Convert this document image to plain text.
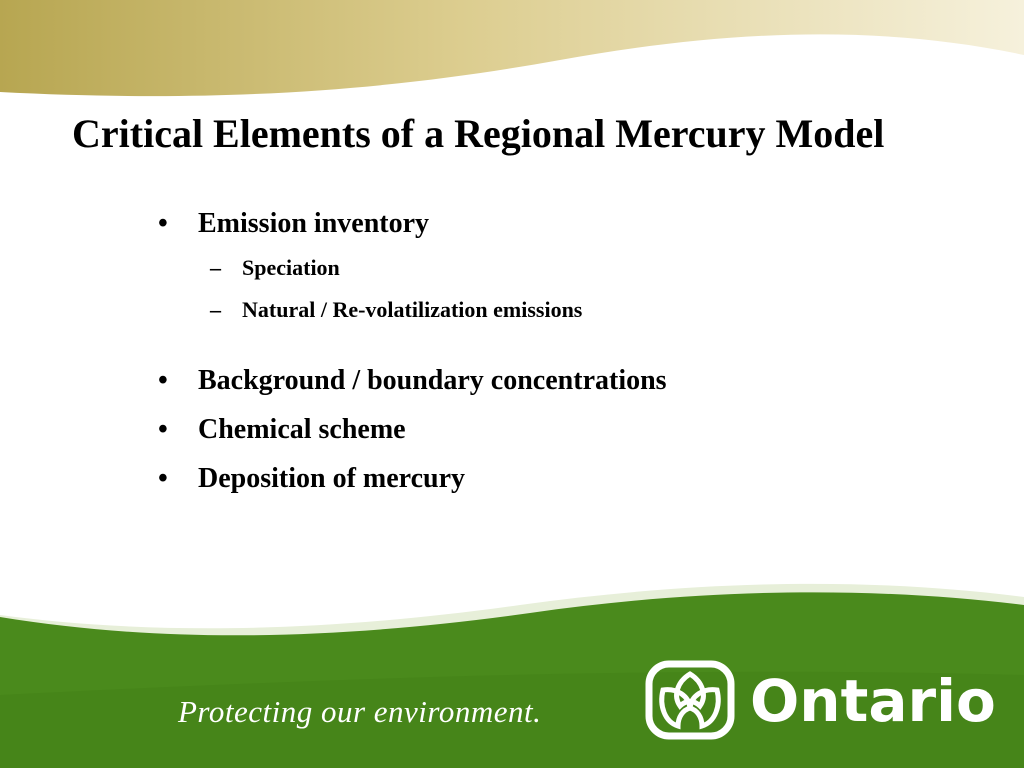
Critical Elements of a Regional Mercury Model
•	Emission inventory
– Speciation
– Natural / Re-volatilization emissions
•	Background / boundary concentrations
•	Chemical scheme
•	Deposition of mercury
Protecting our environment.	Ontario
